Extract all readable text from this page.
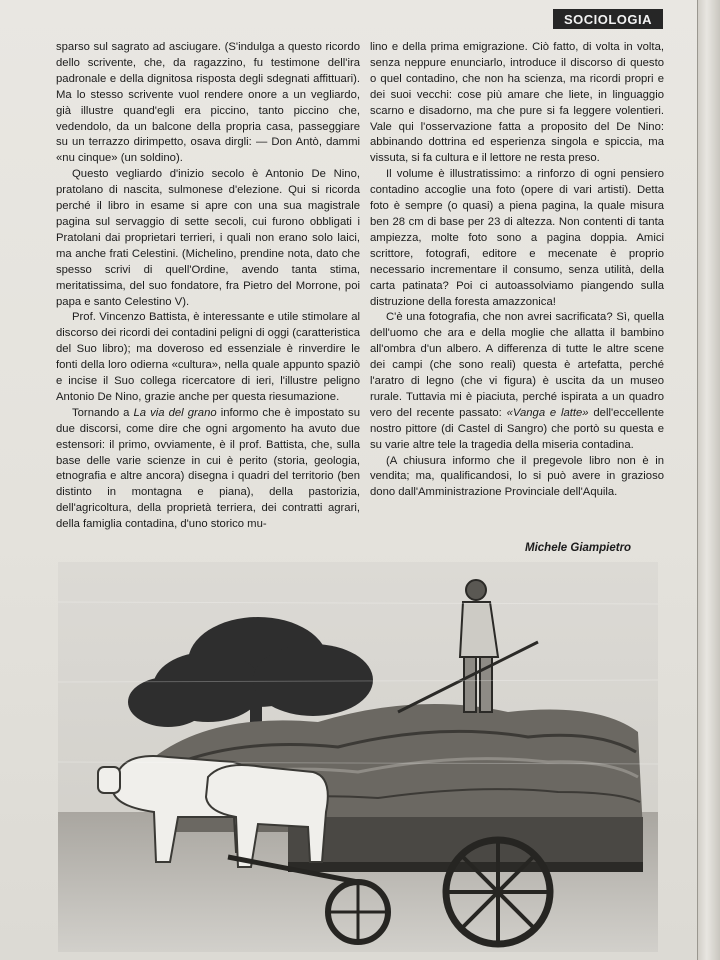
SOCIOLOGIA

sparso sul sagrato ad asciugare. (S'indulga a questo ricordo dello scrivente, che, da ragazzino, fu testimone dell'ira padronale e della dignitosa risposta degli sdegnati affittuari). Ma lo stesso scrivente vuol rendere onore a un vegliardo, già illustre quand'egli era piccino, tanto piccino che, vedendolo, da un balcone della propria casa, passeggiare su un terrazzo dirimpetto, osava dirgli: — Don Antò, dammi «nu cinque» (un soldino).

Questo vegliardo d'inizio secolo è Antonio De Nino, pratolano di nascita, sulmonese d'elezione. Qui si ricorda perché il libro in esame si apre con una sua magistrale pagina sul servaggio di sette secoli, cui furono obbligati i Pratolani dai proprietari terrieri, i quali non erano solo laici, ma anche frati Celestini. (Michelino, prendine nota, dato che spesso scrivi di quell'Ordine, avendo tanta stima, meritatissima, del suo fondatore, fra Pietro del Morrone, poi papa e santo Celestino V).

Prof. Vincenzo Battista, è interessante e utile stimolare al discorso dei ricordi dei contadini peligni di oggi (caratteristica del Suo libro); ma doveroso ed essenziale è rinverdire le fonti della loro odierna «cultura», nella quale appunto spaziò e incise il Suo collega ricercatore di ieri, l'illustre peligno Antonio De Nino, grazie anche per questa riesumazione.

Tornando a La via del grano informo che è impostato su due discorsi, come dire che ogni argomento ha avuto due estensori: il primo, ovviamente, è il prof. Battista, che, sulla base delle varie scienze in cui è perito (storia, geologia, etnografia e altre ancora) disegna i quadri del territorio (ben distinto in montagna e piana), della pastorizia, dell'agricoltura, della proprietà terriera, dei contratti agrari, della famiglia contadina, d'uno storico mu-

lino e della prima emigrazione. Ciò fatto, di volta in volta, senza neppure enunciarlo, introduce il discorso di questo o quel contadino, che non ha scienza, ma ricordi propri e dei suoi vecchi: cose più amare che liete, in linguaggio scarno e disadorno, ma che pure si fa leggere volentieri. Vale qui l'osservazione fatta a proposito del De Nino: abbinando dottrina ed esperienza singola e spiccia, ma vissuta, si fa cultura e il lettore ne resta preso.

Il volume è illustratissimo: a rinforzo di ogni pensiero contadino accoglie una foto (opere di vari artisti). Detta foto è sempre (o quasi) a piena pagina, la quale misura ben 28 cm di base per 23 di altezza. Non contenti di tanta ampiezza, molte foto sono a pagina doppia. Amici scrittore, fotografi, editore e mecenate è proprio necessario incrementare il consumo, senza utilità, della carta patinata? Poi ci autoassolviamo piangendo sulla distruzione della foresta amazzonica!

C'è una fotografia, che non avrei sacrificata? Sì, quella dell'uomo che ara e della moglie che allatta il bambino all'ombra d'un albero. A differenza di tutte le altre scene dei campi (che sono reali) questa è artefatta, perché l'aratro di legno (che vi figura) è uscita da un museo rurale. Tuttavia mi è piaciuta, perché ispirata a un quadro vero del recente passato: «Vanga e latte» dell'eccellente nostro pittore (di Castel di Sangro) che portò su questa e su varie altre tele la tragedia della miseria contadina.

(A chiusura informo che il pregevole libro non è in vendita; ma, qualificandosi, lo si può avere in grazioso dono dall'Amministrazione Provinciale dell'Aquila.

Michele Giampietro
